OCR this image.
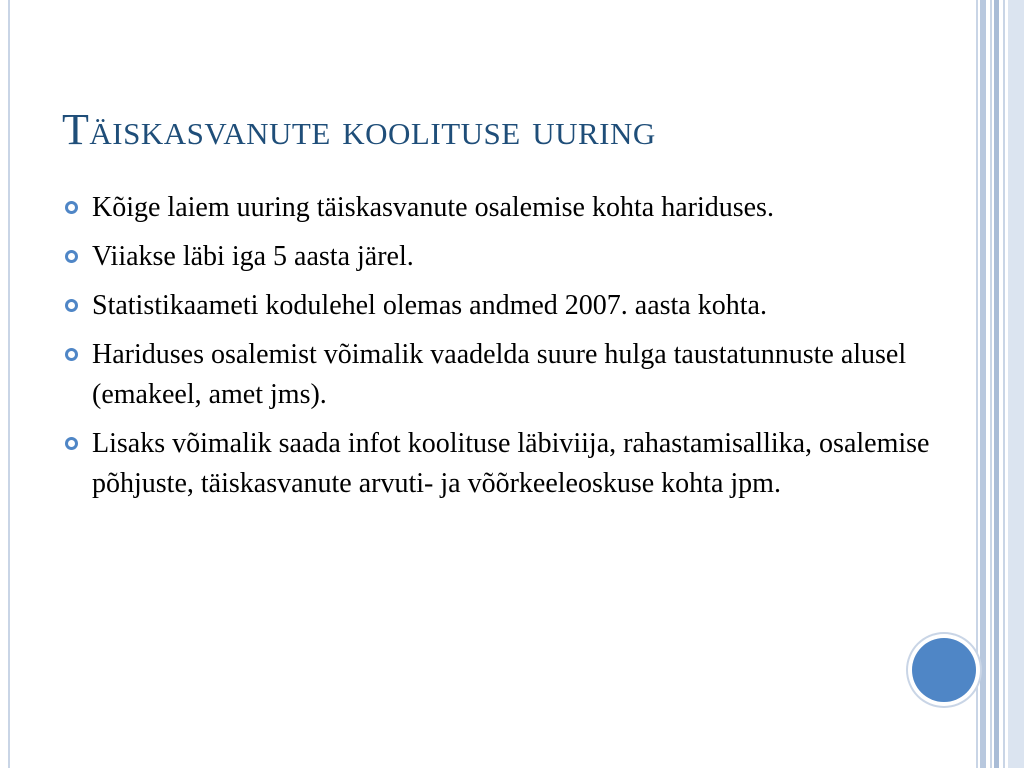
Täiskasvanute koolituse uuring
Kõige laiem uuring täiskasvanute osalemise kohta hariduses.
Viiakse läbi iga 5 aasta järel.
Statistikaameti kodulehel olemas andmed 2007. aasta kohta.
Hariduses osalemist võimalik vaadelda suure hulga taustatunnuste alusel (emakeel, amet jms).
Lisaks võimalik saada infot koolituse läbiviija, rahastamisallika, osalemise põhjuste, täiskasvanute arvuti- ja võõrkeeleoskuse kohta jpm.
